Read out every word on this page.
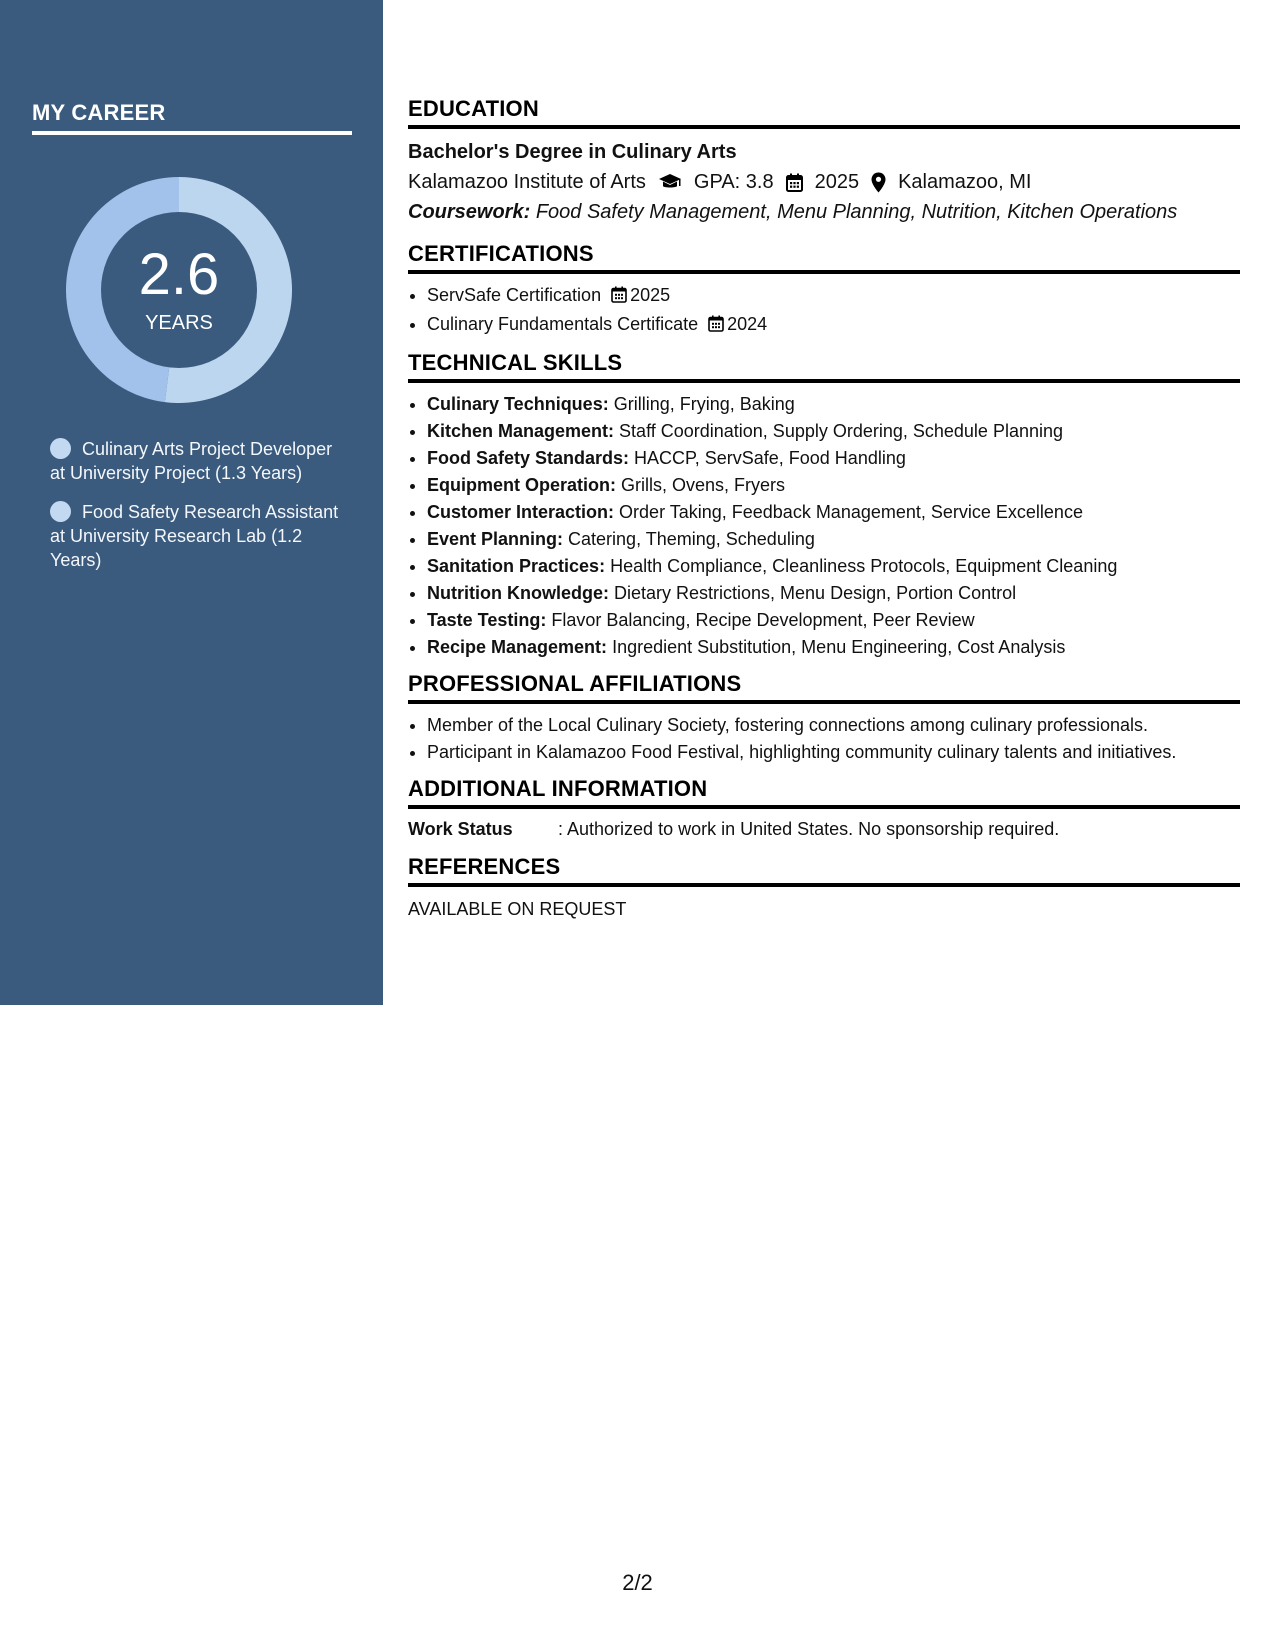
MY CAREER
2.6
YEARS
Culinary Arts Project Developer at University Project (1.3 Years)
Food Safety Research Assistant at University Research Lab (1.2 Years)
EDUCATION
Bachelor's Degree in Culinary Arts
Kalamazoo Institute of Arts GPA: 3.8 2025 Kalamazoo, MI
Coursework: Food Safety Management, Menu Planning, Nutrition, Kitchen Operations
CERTIFICATIONS
• ServSafe Certification 2025
• Culinary Fundamentals Certificate 2024
TECHNICAL SKILLS
• Culinary Techniques: Grilling, Frying, Baking
• Kitchen Management: Staff Coordination, Supply Ordering, Schedule Planning
• Food Safety Standards: HACCP, ServSafe, Food Handling
• Equipment Operation: Grills, Ovens, Fryers
• Customer Interaction: Order Taking, Feedback Management, Service Excellence
• Event Planning: Catering, Theming, Scheduling
• Sanitation Practices: Health Compliance, Cleanliness Protocols, Equipment Cleaning
• Nutrition Knowledge: Dietary Restrictions, Menu Design, Portion Control
• Taste Testing: Flavor Balancing, Recipe Development, Peer Review
• Recipe Management: Ingredient Substitution, Menu Engineering, Cost Analysis
PROFESSIONAL AFFILIATIONS
• Member of the Local Culinary Society, fostering connections among culinary professionals.
• Participant in Kalamazoo Food Festival, highlighting community culinary talents and initiatives.
ADDITIONAL INFORMATION
Work Status	: Authorized to work in United States. No sponsorship required.
REFERENCES
AVAILABLE ON REQUEST
2/2
